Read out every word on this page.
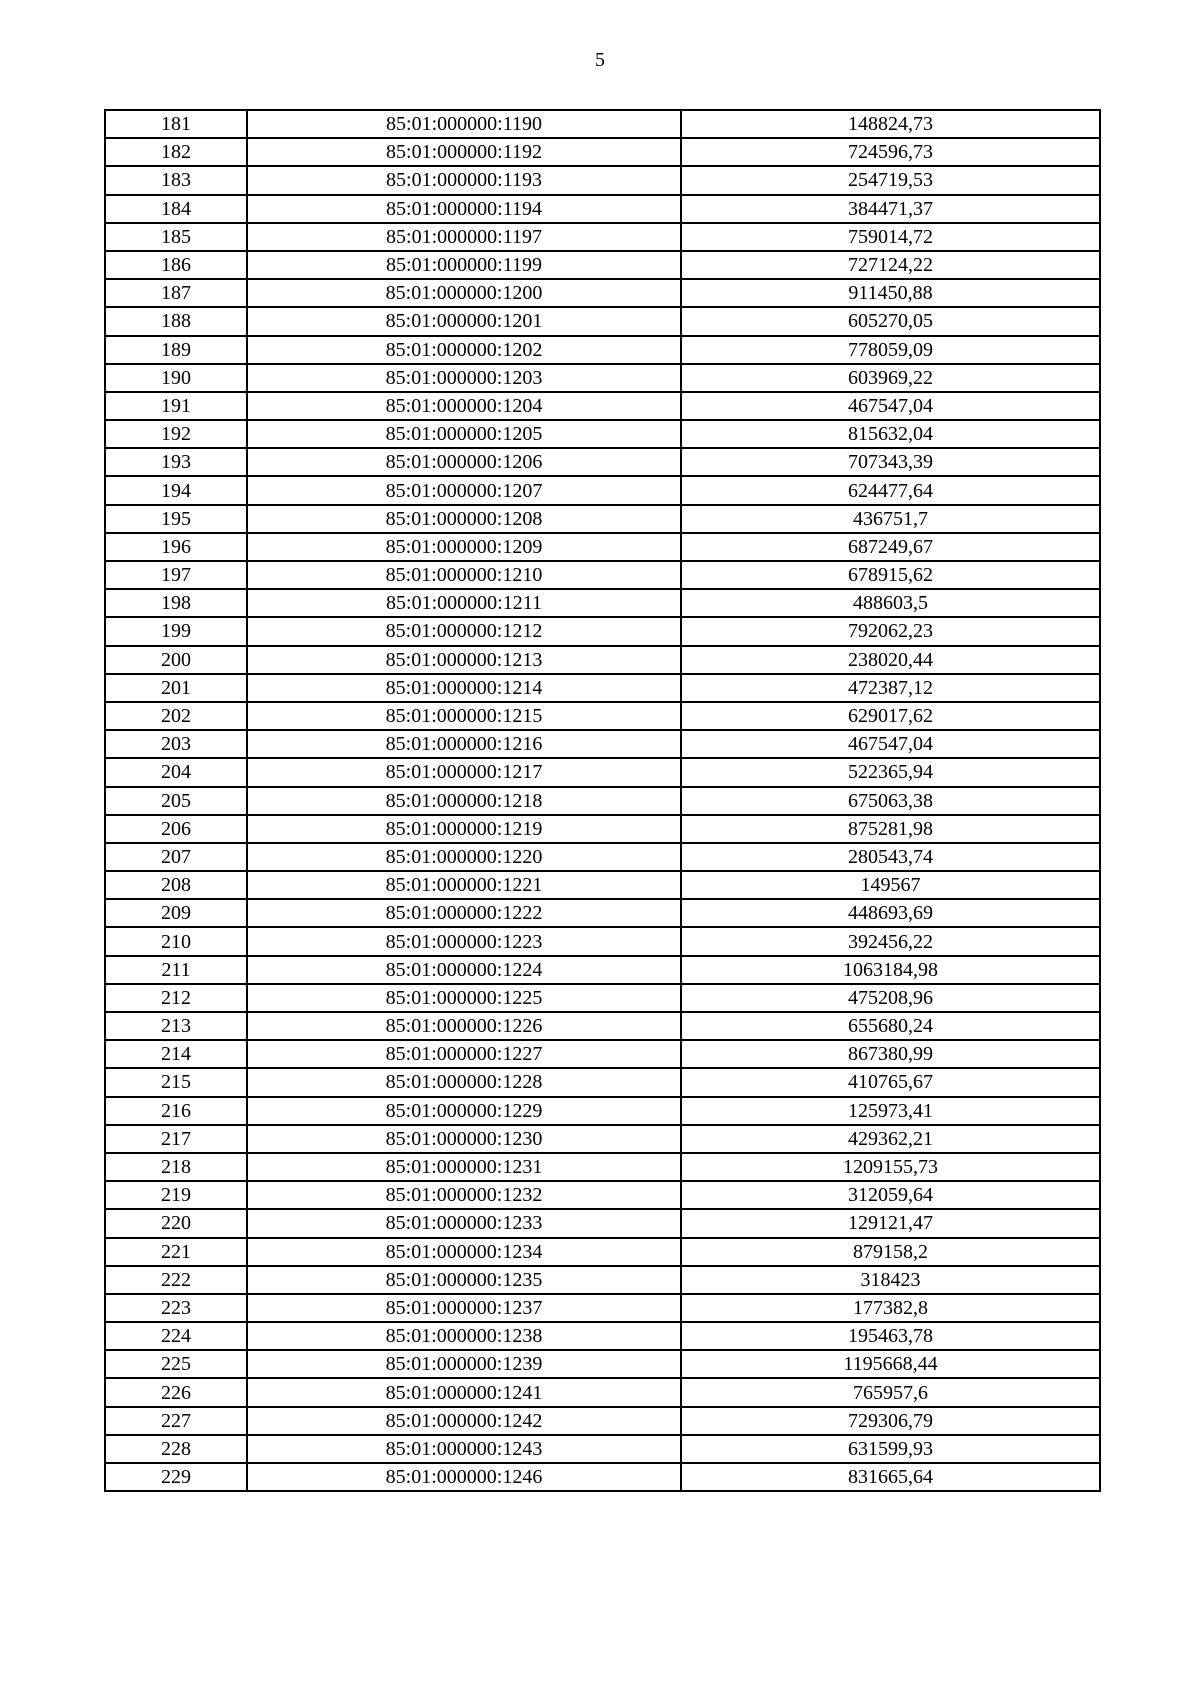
5
181	85:01:000000:1190	148824,73
182	85:01:000000:1192	724596,73
183	85:01:000000:1193	254719,53
184	85:01:000000:1194	384471,37
185	85:01:000000:1197	759014,72
186	85:01:000000:1199	727124,22
187	85:01:000000:1200	911450,88
188	85:01:000000:1201	605270,05
189	85:01:000000:1202	778059,09
190	85:01:000000:1203	603969,22
191	85:01:000000:1204	467547,04
192	85:01:000000:1205	815632,04
193	85:01:000000:1206	707343,39
194	85:01:000000:1207	624477,64
195	85:01:000000:1208	436751,7
196	85:01:000000:1209	687249,67
197	85:01:000000:1210	678915,62
198	85:01:000000:1211	488603,5
199	85:01:000000:1212	792062,23
200	85:01:000000:1213	238020,44
201	85:01:000000:1214	472387,12
202	85:01:000000:1215	629017,62
203	85:01:000000:1216	467547,04
204	85:01:000000:1217	522365,94
205	85:01:000000:1218	675063,38
206	85:01:000000:1219	875281,98
207	85:01:000000:1220	280543,74
208	85:01:000000:1221	149567
209	85:01:000000:1222	448693,69
210	85:01:000000:1223	392456,22
211	85:01:000000:1224	1063184,98
212	85:01:000000:1225	475208,96
213	85:01:000000:1226	655680,24
214	85:01:000000:1227	867380,99
215	85:01:000000:1228	410765,67
216	85:01:000000:1229	125973,41
217	85:01:000000:1230	429362,21
218	85:01:000000:1231	1209155,73
219	85:01:000000:1232	312059,64
220	85:01:000000:1233	129121,47
221	85:01:000000:1234	879158,2
222	85:01:000000:1235	318423
223	85:01:000000:1237	177382,8
224	85:01:000000:1238	195463,78
225	85:01:000000:1239	1195668,44
226	85:01:000000:1241	765957,6
227	85:01:000000:1242	729306,79
228	85:01:000000:1243	631599,93
229	85:01:000000:1246	831665,64
